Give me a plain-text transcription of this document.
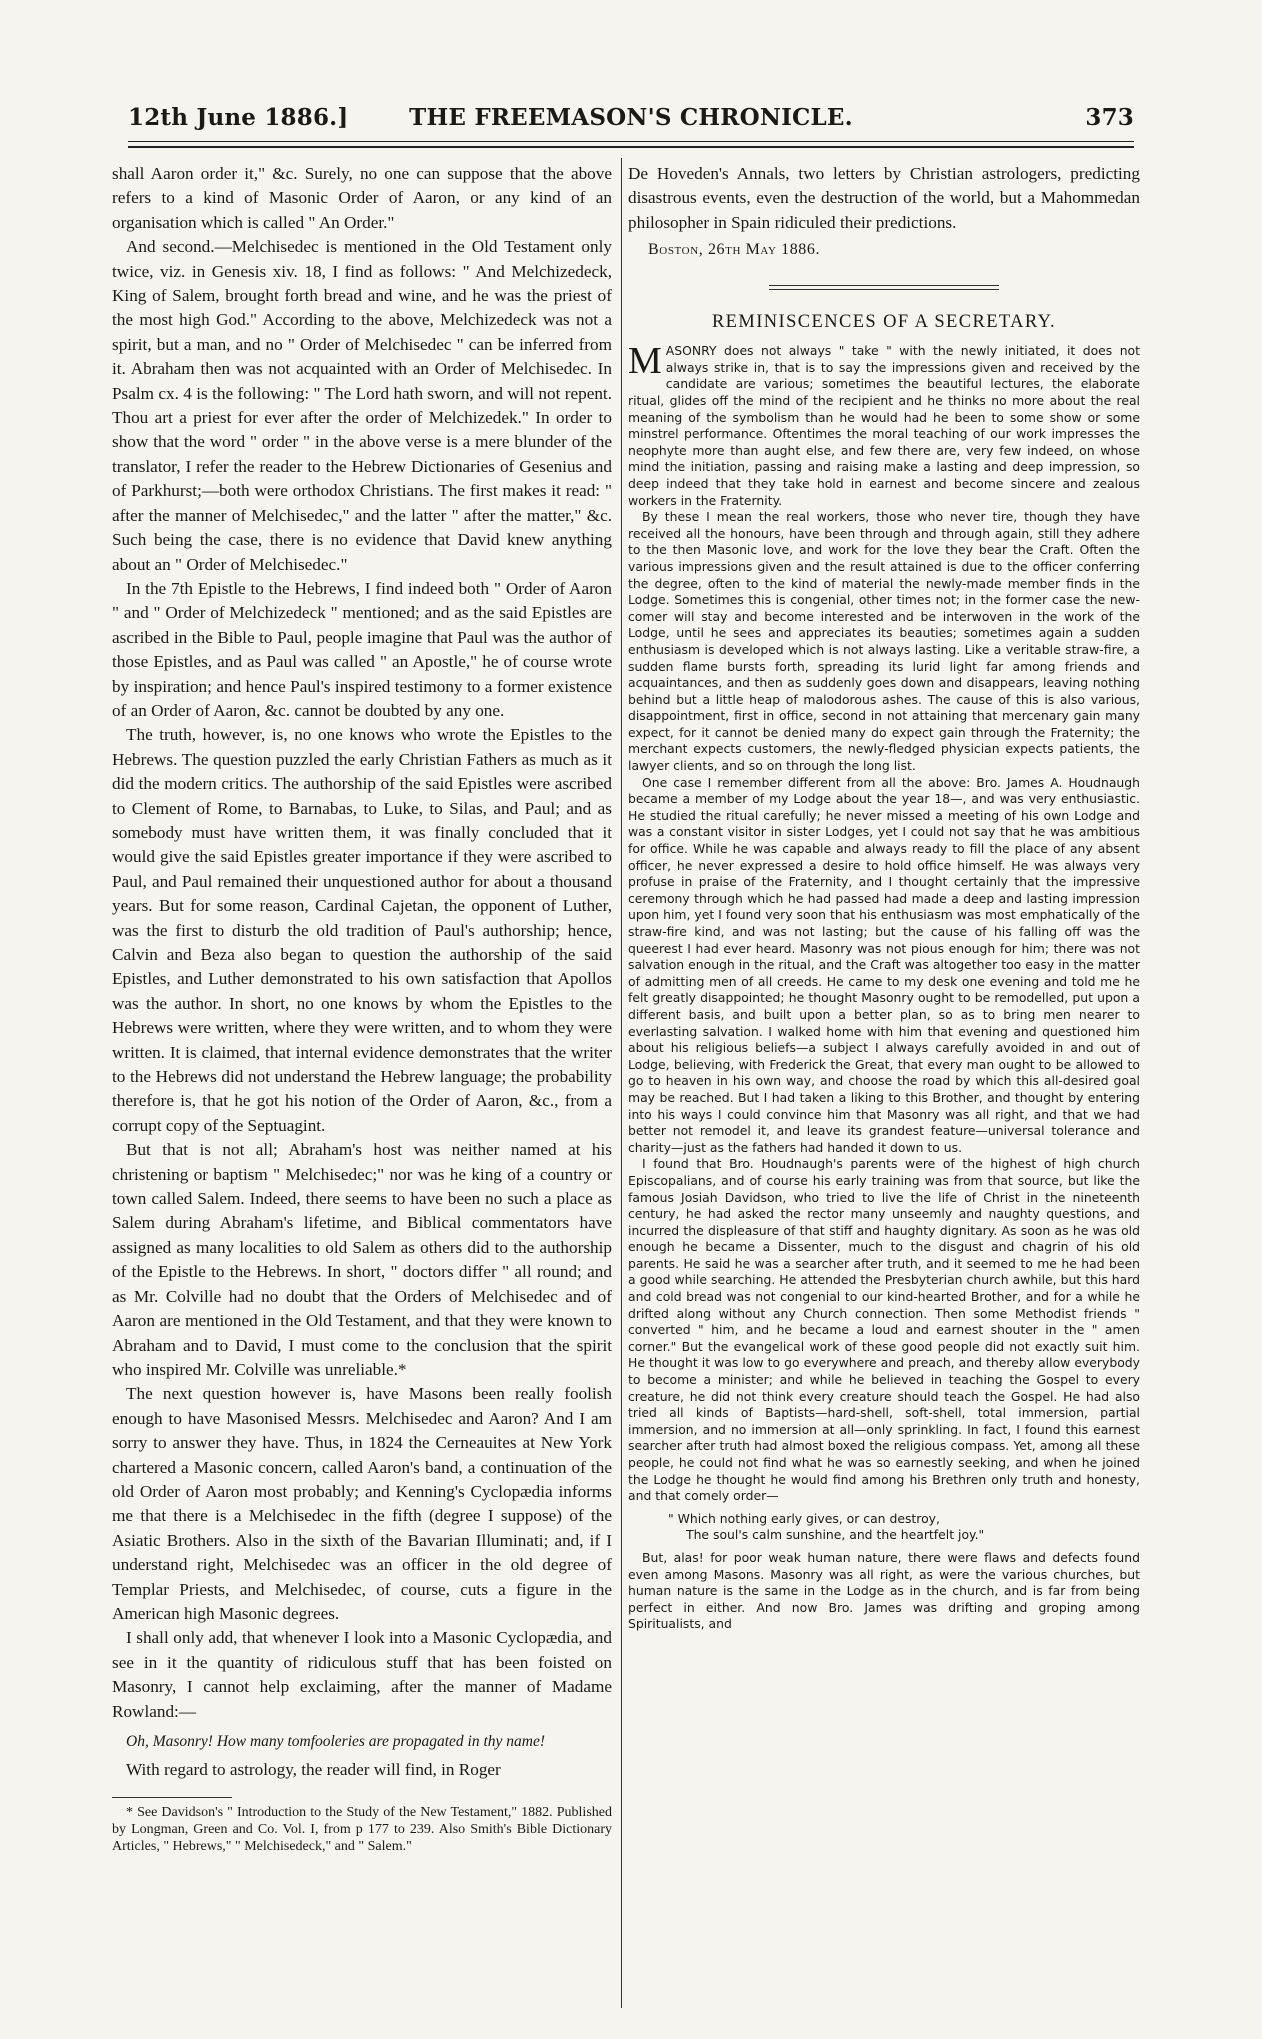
12th June 1886.]	THE FREEMASON'S CHRONICLE.	373

shall Aaron order it," &c. Surely, no one can suppose that the above refers to a kind of Masonic Order of Aaron, or any kind of an organisation which is called " An Order."

And second.—Melchisedec is mentioned in the Old Testament only twice, viz. in Genesis xiv. 18, I find as follows: " And Melchizedeck, King of Salem, brought forth bread and wine, and he was the priest of the most high God." According to the above, Melchizedeck was not a spirit, but a man, and no " Order of Melchisedec " can be inferred from it. Abraham then was not acquainted with an Order of Melchisedec. In Psalm cx. 4 is the following: " The Lord hath sworn, and will not repent. Thou art a priest for ever after the order of Melchizedek." In order to show that the word " order " in the above verse is a mere blunder of the translator, I refer the reader to the Hebrew Dictionaries of Gesenius and of Parkhurst;—both were orthodox Christians. The first makes it read: " after the manner of Melchisedec," and the latter " after the matter," &c. Such being the case, there is no evidence that David knew anything about an " Order of Melchisedec."

In the 7th Epistle to the Hebrews, I find indeed both " Order of Aaron " and " Order of Melchizedeck " mentioned; and as the said Epistles are ascribed in the Bible to Paul, people imagine that Paul was the author of those Epistles, and as Paul was called " an Apostle," he of course wrote by inspiration; and hence Paul's inspired testimony to a former existence of an Order of Aaron, &c. cannot be doubted by any one.

The truth, however, is, no one knows who wrote the Epistles to the Hebrews. The question puzzled the early Christian Fathers as much as it did the modern critics. The authorship of the said Epistles were ascribed to Clement of Rome, to Barnabas, to Luke, to Silas, and Paul; and as somebody must have written them, it was finally concluded that it would give the said Epistles greater importance if they were ascribed to Paul, and Paul remained their unquestioned author for about a thousand years. But for some reason, Cardinal Cajetan, the opponent of Luther, was the first to disturb the old tradition of Paul's authorship; hence, Calvin and Beza also began to question the authorship of the said Epistles, and Luther demonstrated to his own satisfaction that Apollos was the author. In short, no one knows by whom the Epistles to the Hebrews were written, where they were written, and to whom they were written. It is claimed, that internal evidence demonstrates that the writer to the Hebrews did not understand the Hebrew language; the probability therefore is, that he got his notion of the Order of Aaron, &c., from a corrupt copy of the Septuagint.

But that is not all; Abraham's host was neither named at his christening or baptism " Melchisedec;" nor was he king of a country or town called Salem. Indeed, there seems to have been no such a place as Salem during Abraham's lifetime, and Biblical commentators have assigned as many localities to old Salem as others did to the authorship of the Epistle to the Hebrews. In short, " doctors differ " all round; and as Mr. Colville had no doubt that the Orders of Melchisedec and of Aaron are mentioned in the Old Testament, and that they were known to Abraham and to David, I must come to the conclusion that the spirit who inspired Mr. Colville was unreliable.*

The next question however is, have Masons been really foolish enough to have Masonised Messrs. Melchisedec and Aaron? And I am sorry to answer they have. Thus, in 1824 the Cerneauites at New York chartered a Masonic concern, called Aaron's band, a continuation of the old Order of Aaron most probably; and Kenning's Cyclopædia informs me that there is a Melchisedec in the fifth (degree I suppose) of the Asiatic Brothers. Also in the sixth of the Bavarian Illuminati; and, if I understand right, Melchisedec was an officer in the old degree of Templar Priests, and Melchisedec, of course, cuts a figure in the American high Masonic degrees.

I shall only add, that whenever I look into a Masonic Cyclopædia, and see in it the quantity of ridiculous stuff that has been foisted on Masonry, I cannot help exclaiming, after the manner of Madame Rowland:—

Oh, Masonry! How many tomfooleries are propagated in thy name!

With regard to astrology, the reader will find, in Roger

* See Davidson's " Introduction to the Study of the New Testament," 1882. Published by Longman, Green and Co. Vol. I, from p 177 to 239. Also Smith's Bible Dictionary Articles, " Hebrews," " Melchisedeck," and " Salem."

De Hoveden's Annals, two letters by Christian astrologers, predicting disastrous events, even the destruction of the world, but a Mahommedan philosopher in Spain ridiculed their predictions.

Boston, 26th May 1886.
REMINISCENCES OF A SECRETARY.

MASONRY does not always " take " with the newly initiated, it does not always strike in, that is to say the impressions given and received by the candidate are various; sometimes the beautiful lectures, the elaborate ritual, glides off the mind of the recipient and he thinks no more about the real meaning of the symbolism than he would had he been to some show or some minstrel performance. Oftentimes the moral teaching of our work impresses the neophyte more than aught else, and few there are, very few indeed, on whose mind the initiation, passing and raising make a lasting and deep impression, so deep indeed that they take hold in earnest and become sincere and zealous workers in the Fraternity.

By these I mean the real workers, those who never tire, though they have received all the honours, have been through and through again, still they adhere to the then Masonic love, and work for the love they bear the Craft. Often the various impressions given and the result attained is due to the officer conferring the degree, often to the kind of material the newly-made member finds in the Lodge. Sometimes this is congenial, other times not; in the former case the new-comer will stay and become interested and be interwoven in the work of the Lodge, until he sees and appreciates its beauties; sometimes again a sudden enthusiasm is developed which is not always lasting. Like a veritable straw-fire, a sudden flame bursts forth, spreading its lurid light far among friends and acquaintances, and then as suddenly goes down and disappears, leaving nothing behind but a little heap of malodorous ashes. The cause of this is also various, disappointment, first in office, second in not attaining that mercenary gain many expect, for it cannot be denied many do expect gain through the Fraternity; the merchant expects customers, the newly-fledged physician expects patients, the lawyer clients, and so on through the long list.

One case I remember different from all the above: Bro. James A. Houdnaugh became a member of my Lodge about the year 18—, and was very enthusiastic. He studied the ritual carefully; he never missed a meeting of his own Lodge and was a constant visitor in sister Lodges, yet I could not say that he was ambitious for office. While he was capable and always ready to fill the place of any absent officer, he never expressed a desire to hold office himself. He was always very profuse in praise of the Fraternity, and I thought certainly that the impressive ceremony through which he had passed had made a deep and lasting impression upon him, yet I found very soon that his enthusiasm was most emphatically of the straw-fire kind, and was not lasting; but the cause of his falling off was the queerest I had ever heard. Masonry was not pious enough for him; there was not salvation enough in the ritual, and the Craft was altogether too easy in the matter of admitting men of all creeds. He came to my desk one evening and told me he felt greatly disappointed; he thought Masonry ought to be remodelled, put upon a different basis, and built upon a better plan, so as to bring men nearer to everlasting salvation. I walked home with him that evening and questioned him about his religious beliefs—a subject I always carefully avoided in and out of Lodge, believing, with Frederick the Great, that every man ought to be allowed to go to heaven in his own way, and choose the road by which this all-desired goal may be reached. But I had taken a liking to this Brother, and thought by entering into his ways I could convince him that Masonry was all right, and that we had better not remodel it, and leave its grandest feature—universal tolerance and charity—just as the fathers had handed it down to us.

I found that Bro. Houdnaugh's parents were of the highest of high church Episcopalians, and of course his early training was from that source, but like the famous Josiah Davidson, who tried to live the life of Christ in the nineteenth century, he had asked the rector many unseemly and naughty questions, and incurred the displeasure of that stiff and haughty dignitary. As soon as he was old enough he became a Dissenter, much to the disgust and chagrin of his old parents. He said he was a searcher after truth, and it seemed to me he had been a good while searching. He attended the Presbyterian church awhile, but this hard and cold bread was not congenial to our kind-hearted Brother, and for a while he drifted along without any Church connection. Then some Methodist friends " converted " him, and he became a loud and earnest shouter in the " amen corner." But the evangelical work of these good people did not exactly suit him. He thought it was low to go everywhere and preach, and thereby allow everybody to become a minister; and while he believed in teaching the Gospel to every creature, he did not think every creature should teach the Gospel. He had also tried all kinds of Baptists—hard-shell, soft-shell, total immersion, partial immersion, and no immersion at all—only sprinkling. In fact, I found this earnest searcher after truth had almost boxed the religious compass. Yet, among all these people, he could not find what he was so earnestly seeking, and when he joined the Lodge he thought he would find among his Brethren only truth and honesty, and that comely order—

" Which nothing early gives, or can destroy,
The soul's calm sunshine, and the heartfelt joy."

But, alas! for poor weak human nature, there were flaws and defects found even among Masons. Masonry was all right, as were the various churches, but human nature is the same in the Lodge as in the church, and is far from being perfect in either. And now Bro. James was drifting and groping among Spiritualists, and
